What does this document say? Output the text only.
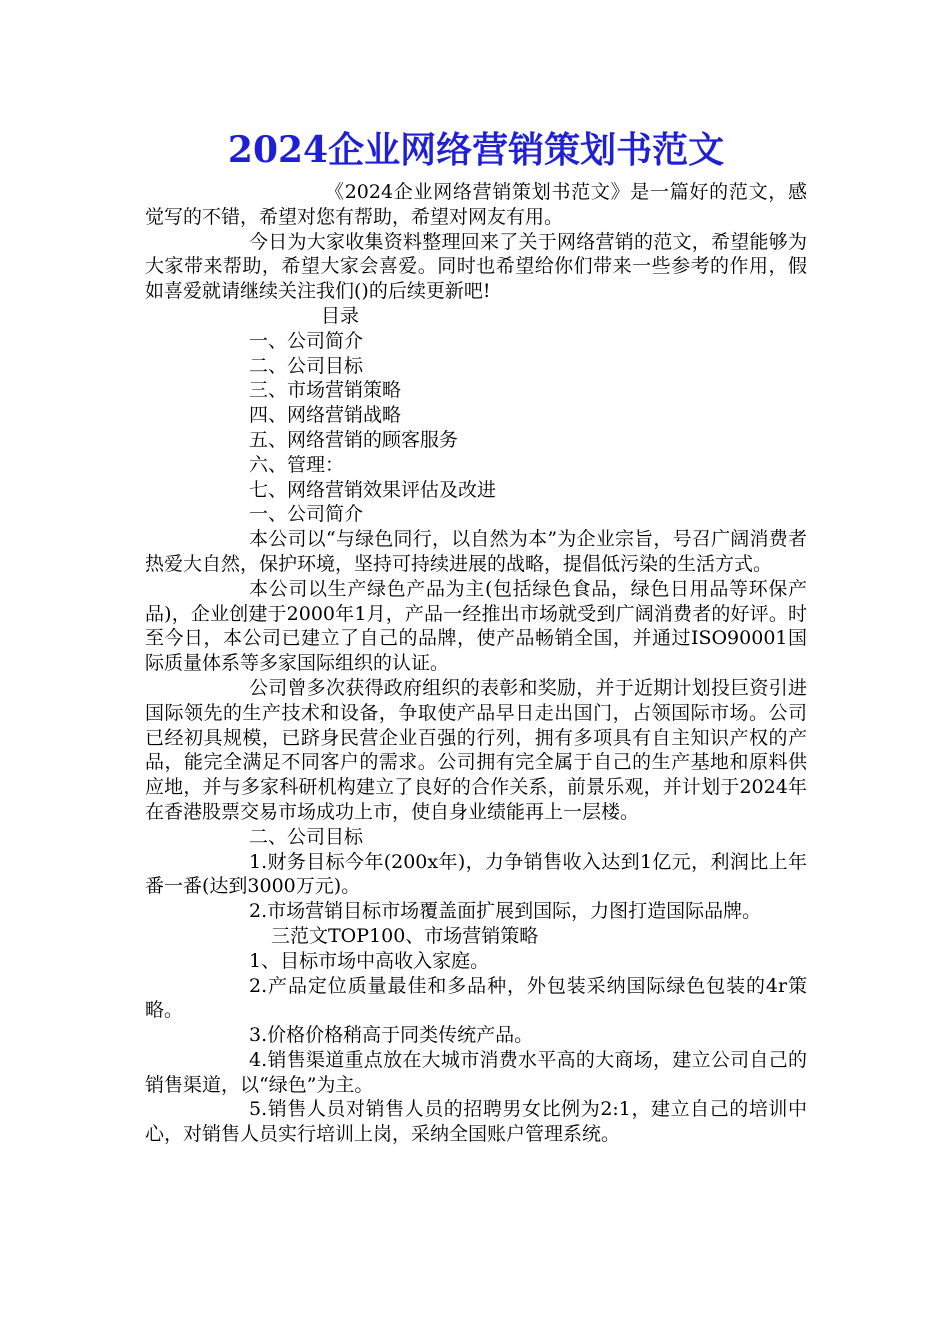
2024企业网络营销策划书范文

《2024企业网络营销策划书范文》是一篇好的范文，感觉写的不错，希望对您有帮助，希望对网友有用。

今日为大家收集资料整理回来了关于网络营销的范文，希望能够为大家带来帮助，希望大家会喜爱。同时也希望给你们带来一些参考的作用，假如喜爱就请继续关注我们()的后续更新吧!

目录

一、公司简介

二、公司目标

三、市场营销策略

四、网络营销战略

五、网络营销的顾客服务

六、管理：

七、网络营销效果评估及改进

一、公司简介

本公司以“与绿色同行，以自然为本”为企业宗旨，号召广阔消费者热爱大自然，保护环境，坚持可持续进展的战略，提倡低污染的生活方式。

本公司以生产绿色产品为主(包括绿色食品，绿色日用品等环保产品)，企业创建于2000年1月，产品一经推出市场就受到广阔消费者的好评。时至今日，本公司已建立了自己的品牌，使产品畅销全国，并通过ISO90001国际质量体系等多家国际组织的认证。

公司曾多次获得政府组织的表彰和奖励，并于近期计划投巨资引进国际领先的生产技术和设备，争取使产品早日走出国门，占领国际市场。公司已经初具规模，已跻身民营企业百强的行列，拥有多项具有自主知识产权的产品，能完全满足不同客户的需求。公司拥有完全属于自己的生产基地和原料供应地，并与多家科研机构建立了良好的合作关系，前景乐观，并计划于2024年在香港股票交易市场成功上市，使自身业绩能再上一层楼。

二、公司目标

1.财务目标今年(200x年)，力争销售收入达到1亿元，利润比上年番一番(达到3000万元)。

2.市场营销目标市场覆盖面扩展到国际，力图打造国际品牌。

三范文TOP100、市场营销策略

1、目标市场中高收入家庭。

2.产品定位质量最佳和多品种，外包装采纳国际绿色包装的4r策略。

3.价格价格稍高于同类传统产品。

4.销售渠道重点放在大城市消费水平高的大商场，建立公司自己的销售渠道，以“绿色”为主。

5.销售人员对销售人员的招聘男女比例为2:1，建立自己的培训中心，对销售人员实行培训上岗，采纳全国账户管理系统。
